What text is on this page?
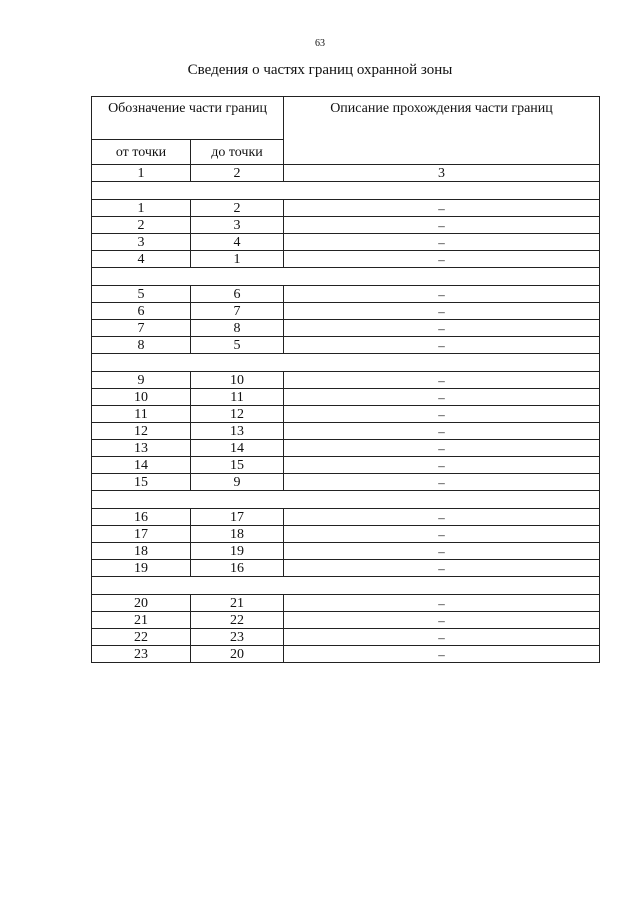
63
Сведения о частях границ охранной зоны
Обозначение части границ		Описание прохождения части границ
от точки	до точки	
1	2	3

1	2	–
2	3	–
3	4	–
4	1	–

5	6	–
6	7	–
7	8	–
8	5	–

9	10	–
10	11	–
11	12	–
12	13	–
13	14	–
14	15	–
15	9	–

16	17	–
17	18	–
18	19	–
19	16	–

20	21	–
21	22	–
22	23	–
23	20	–
